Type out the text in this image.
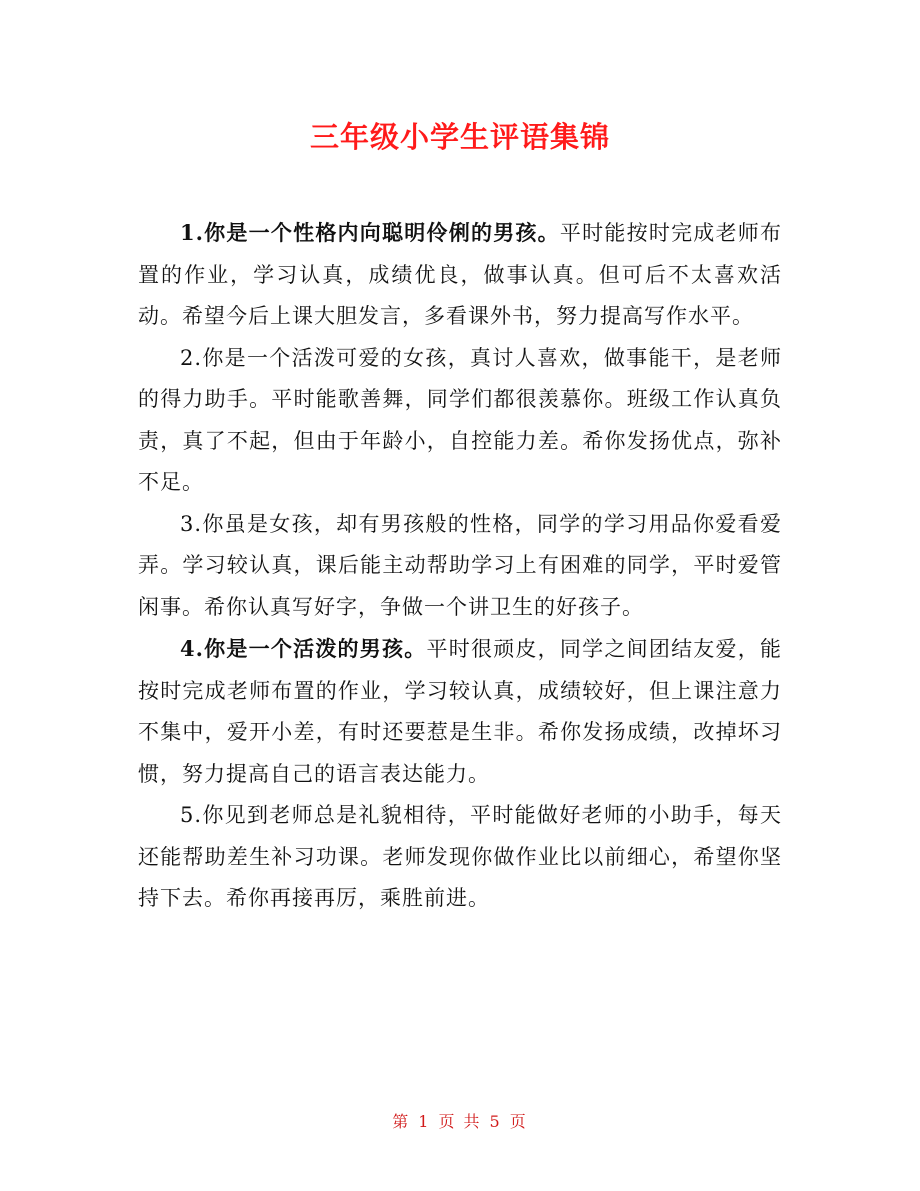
三年级小学生评语集锦

1.你是一个性格内向聪明伶俐的男孩。平时能按时完成老师布置的作业，学习认真，成绩优良，做事认真。但可后不太喜欢活动。希望今后上课大胆发言，多看课外书，努力提高写作水平。

2.你是一个活泼可爱的女孩，真讨人喜欢，做事能干，是老师的得力助手。平时能歌善舞，同学们都很羡慕你。班级工作认真负责，真了不起，但由于年龄小，自控能力差。希你发扬优点，弥补不足。

3.你虽是女孩，却有男孩般的性格，同学的学习用品你爱看爱弄。学习较认真，课后能主动帮助学习上有困难的同学，平时爱管闲事。希你认真写好字，争做一个讲卫生的好孩子。

4.你是一个活泼的男孩。平时很顽皮，同学之间团结友爱，能按时完成老师布置的作业，学习较认真，成绩较好，但上课注意力不集中，爱开小差，有时还要惹是生非。希你发扬成绩，改掉坏习惯，努力提高自己的语言表达能力。

5.你见到老师总是礼貌相待，平时能做好老师的小助手，每天还能帮助差生补习功课。老师发现你做作业比以前细心，希望你坚持下去。希你再接再厉，乘胜前进。

第 1 页 共 5 页
